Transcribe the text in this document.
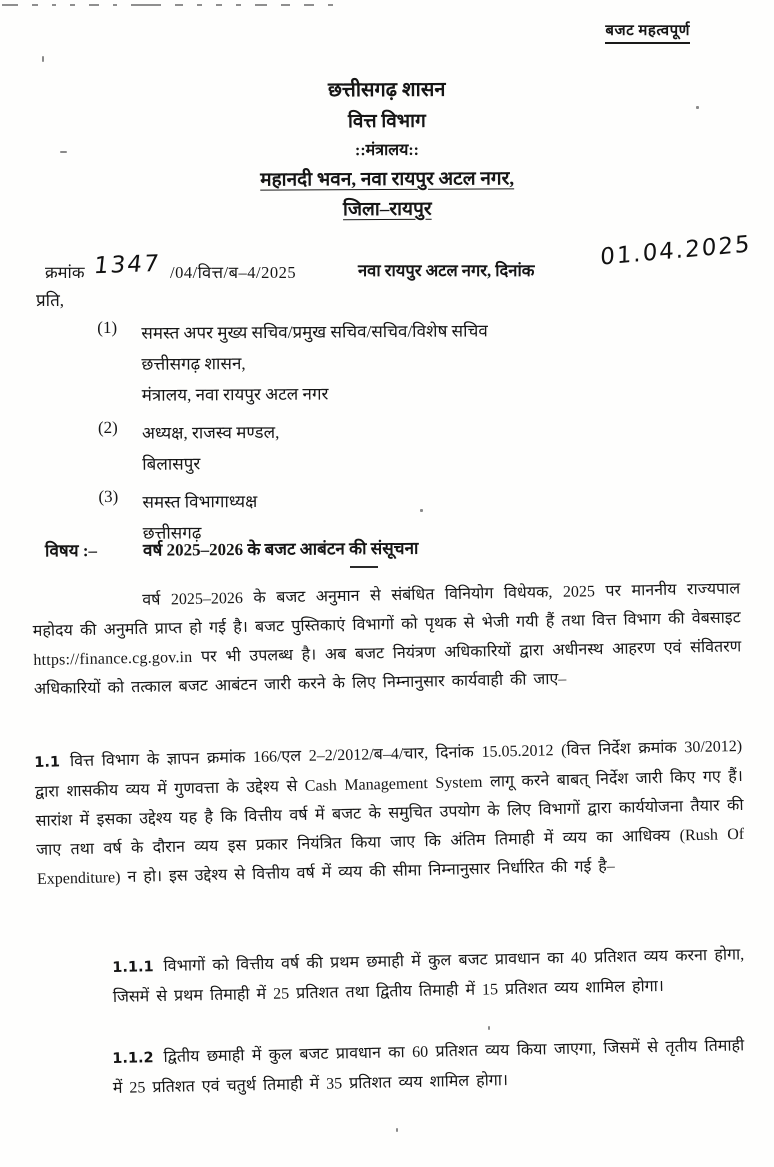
बजट महत्वपूर्ण
छत्तीसगढ़ शासन
वित्त विभाग
::मंत्रालय::
महानदी भवन, नवा रायपुर अटल नगर,
जिला–रायपुर
क्रमांक 1347 /04/वित्त/ब–4/2025	नवा रायपुर अटल नगर, दिनांक	01.04.2025
प्रति,
(1)	समस्त अपर मुख्य सचिव/प्रमुख सचिव/सचिव/विशेष सचिव
छत्तीसगढ़ शासन,
मंत्रालय, नवा रायपुर अटल नगर
(2)	अध्यक्ष, राजस्व मण्डल,
बिलासपुर
(3)	समस्त विभागाध्यक्ष
छत्तीसगढ़
विषय :–	वर्ष 2025–2026 के बजट आबंटन की संसूचना
वर्ष 2025–2026 के बजट अनुमान से संबंधित विनियोग विधेयक, 2025 पर माननीय राज्यपाल महोदय की अनुमति प्राप्त हो गई है। बजट पुस्तिकाएं विभागों को पृथक से भेजी गयी हैं तथा वित्त विभाग की वेबसाइट https://finance.cg.gov.in पर भी उपलब्ध है। अब बजट नियंत्रण अधिकारियों द्वारा अधीनस्थ आहरण एवं संवितरण अधिकारियों को तत्काल बजट आबंटन जारी करने के लिए निम्नानुसार कार्यवाही की जाए–
1.1 वित्त विभाग के ज्ञापन क्रमांक 166/एल 2–2/2012/ब–4/चार, दिनांक 15.05.2012 (वित्त निर्देश क्रमांक 30/2012) द्वारा शासकीय व्यय में गुणवत्ता के उद्देश्य से Cash Management System लागू करने बाबत् निर्देश जारी किए गए हैं। सारांश में इसका उद्देश्य यह है कि वित्तीय वर्ष में बजट के समुचित उपयोग के लिए विभागों द्वारा कार्ययोजना तैयार की जाए तथा वर्ष के दौरान व्यय इस प्रकार नियंत्रित किया जाए कि अंतिम तिमाही में व्यय का आधिक्य (Rush Of Expenditure) न हो। इस उद्देश्य से वित्तीय वर्ष में व्यय की सीमा निम्नानुसार निर्धारित की गई है–
1.1.1 विभागों को वित्तीय वर्ष की प्रथम छमाही में कुल बजट प्रावधान का 40 प्रतिशत व्यय करना होगा, जिसमें से प्रथम तिमाही में 25 प्रतिशत तथा द्वितीय तिमाही में 15 प्रतिशत व्यय शामिल होगा।
1.1.2 द्वितीय छमाही में कुल बजट प्रावधान का 60 प्रतिशत व्यय किया जाएगा, जिसमें से तृतीय तिमाही में 25 प्रतिशत एवं चतुर्थ तिमाही में 35 प्रतिशत व्यय शामिल होगा।
